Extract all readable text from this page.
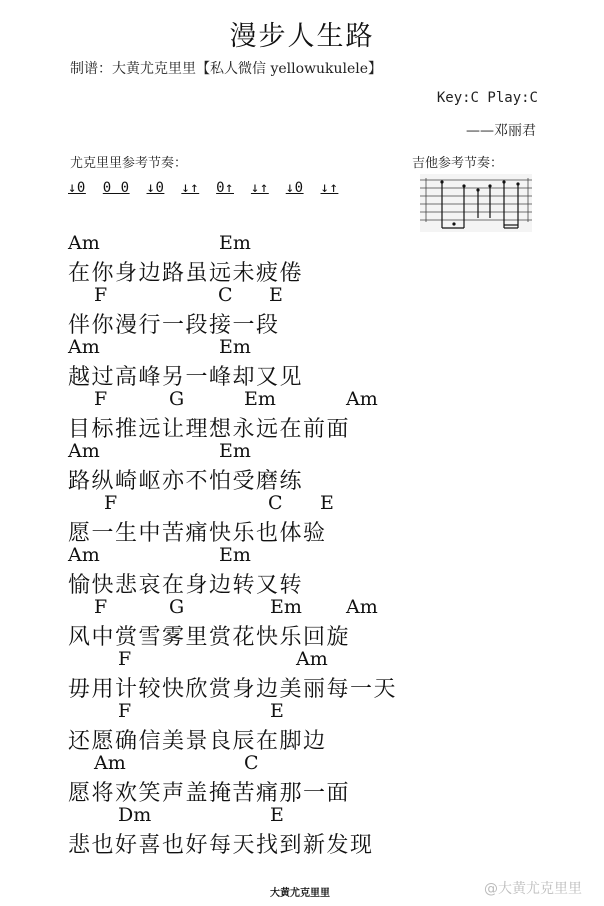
漫步人生路
制谱：大黄尤克里里【私人微信 yellowukulele】
Key:C Play:C
——邓丽君
尤克里里参考节奏：	吉他参考节奏：
↓0 0 0 ↓0 ↓↑ 0↑ ↓↑ ↓0 ↓↑
Am	Em
在你身边路虽远未疲倦
F	C E
伴你漫行一段接一段
Am	Em
越过高峰另一峰却又见
F	G	Em	Am
目标推远让理想永远在前面
Am	Em
路纵崎岖亦不怕受磨练
F	C E
愿一生中苦痛快乐也体验
Am	Em
愉快悲哀在身边转又转
F	G	Em Am
风中赏雪雾里赏花快乐回旋
F	Am
毋用计较快欣赏身边美丽每一天
F	E
还愿确信美景良辰在脚边
Am	C
愿将欢笑声盖掩苦痛那一面
Dm	E
悲也好喜也好每天找到新发现
大黄尤克里里	@大黄尤克里里
